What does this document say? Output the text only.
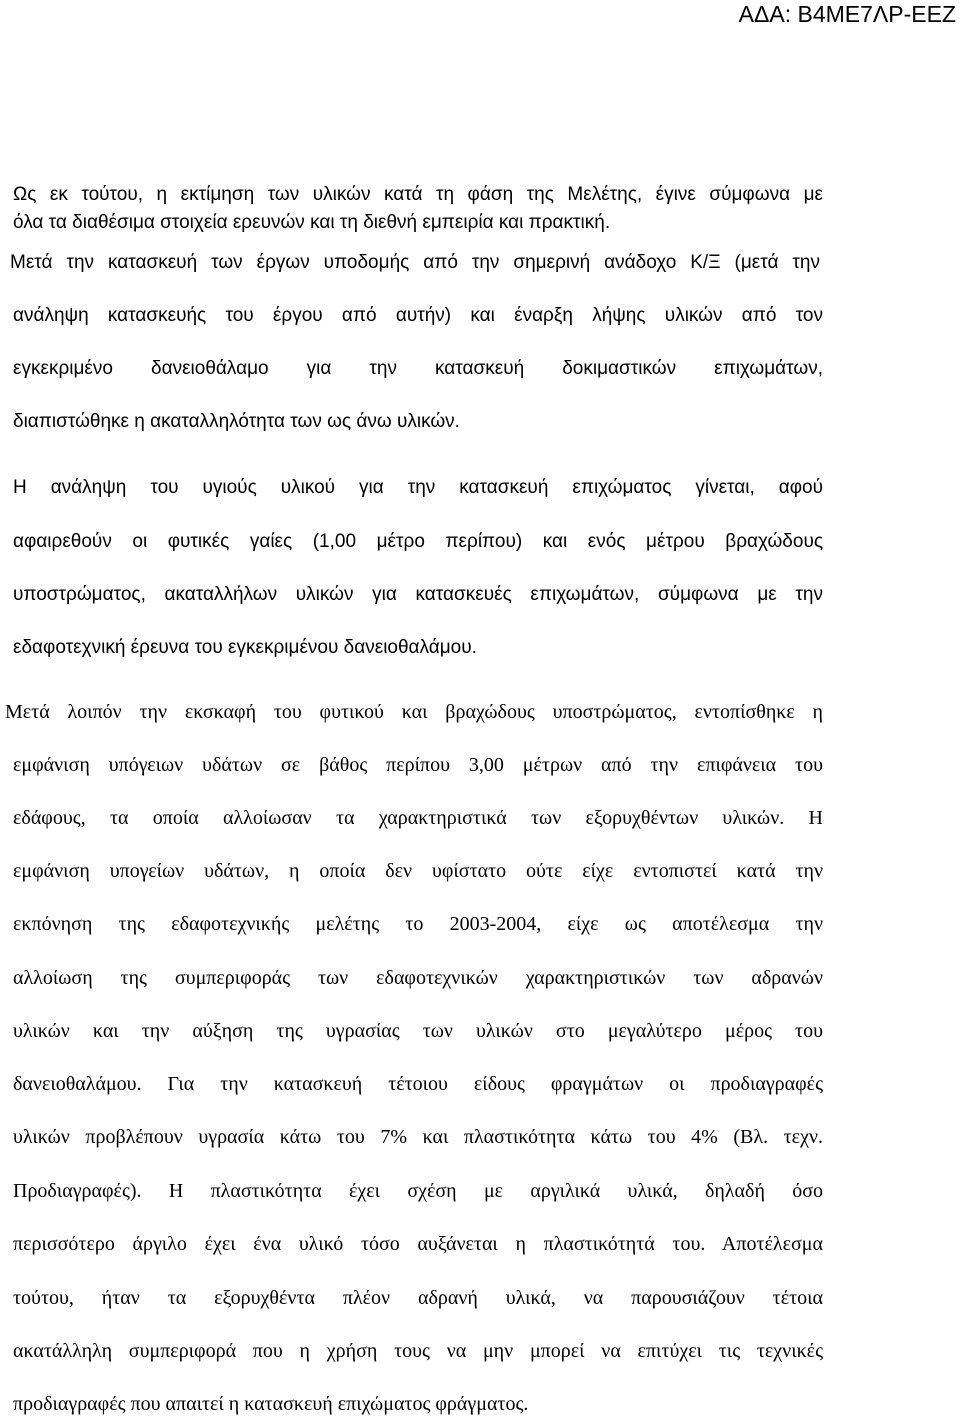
ΑΔΑ: Β4ΜΕ7ΛΡ-ΕΕΖ
Ως εκ τούτου, η εκτίμηση των υλικών κατά τη φάση της Μελέτης, έγινε σύμφωνα με
όλα τα διαθέσιμα στοιχεία ερευνών και τη διεθνή εμπειρία και πρακτική.
Μετά την κατασκευή των έργων υποδομής από την σημερινή ανάδοχο Κ/Ξ (μετά την
ανάληψη κατασκευής του έργου από αυτήν) και έναρξη λήψης υλικών από τον
εγκεκριμένο δανειοθάλαμο για την κατασκευή δοκιμαστικών επιχωμάτων,
διαπιστώθηκε η ακαταλληλότητα των ως άνω υλικών.
Η ανάληψη του υγιούς υλικού για την κατασκευή επιχώματος γίνεται, αφού
αφαιρεθούν οι φυτικές γαίες (1,00 μέτρο περίπου) και ενός μέτρου βραχώδους
υποστρώματος, ακαταλλήλων υλικών για κατασκευές επιχωμάτων, σύμφωνα με την
εδαφοτεχνική έρευνα του εγκεκριμένου δανειοθαλάμου.
Μετά λοιπόν την εκσκαφή του φυτικού και βραχώδους υποστρώματος, εντοπίσθηκε η
εμφάνιση υπόγειων υδάτων σε βάθος περίπου 3,00 μέτρων από την επιφάνεια του
εδάφους, τα οποία αλλοίωσαν τα χαρακτηριστικά των εξορυχθέντων υλικών. Η
εμφάνιση υπογείων υδάτων, η οποία δεν υφίστατο ούτε είχε εντοπιστεί κατά την
εκπόνηση της εδαφοτεχνικής μελέτης το 2003-2004, είχε ως αποτέλεσμα την
αλλοίωση της συμπεριφοράς των εδαφοτεχνικών χαρακτηριστικών των αδρανών
υλικών και την αύξηση της υγρασίας των υλικών στο μεγαλύτερο μέρος του
δανειοθαλάμου. Για την κατασκευή τέτοιου είδους φραγμάτων οι προδιαγραφές
υλικών προβλέπουν υγρασία κάτω του 7% και πλαστικότητα κάτω του 4% (Βλ. τεχν.
Προδιαγραφές). Η πλαστικότητα έχει σχέση με αργιλικά υλικά, δηλαδή όσο
περισσότερο άργιλο έχει ένα υλικό τόσο αυξάνεται η πλαστικότητά του. Αποτέλεσμα
τούτου, ήταν τα εξορυχθέντα πλέον αδρανή υλικά, να παρουσιάζουν τέτοια
ακατάλληλη συμπεριφορά που η χρήση τους να μην μπορεί να επιτύχει τις τεχνικές
προδιαγραφές που απαιτεί η κατασκευή επιχώματος φράγματος.
